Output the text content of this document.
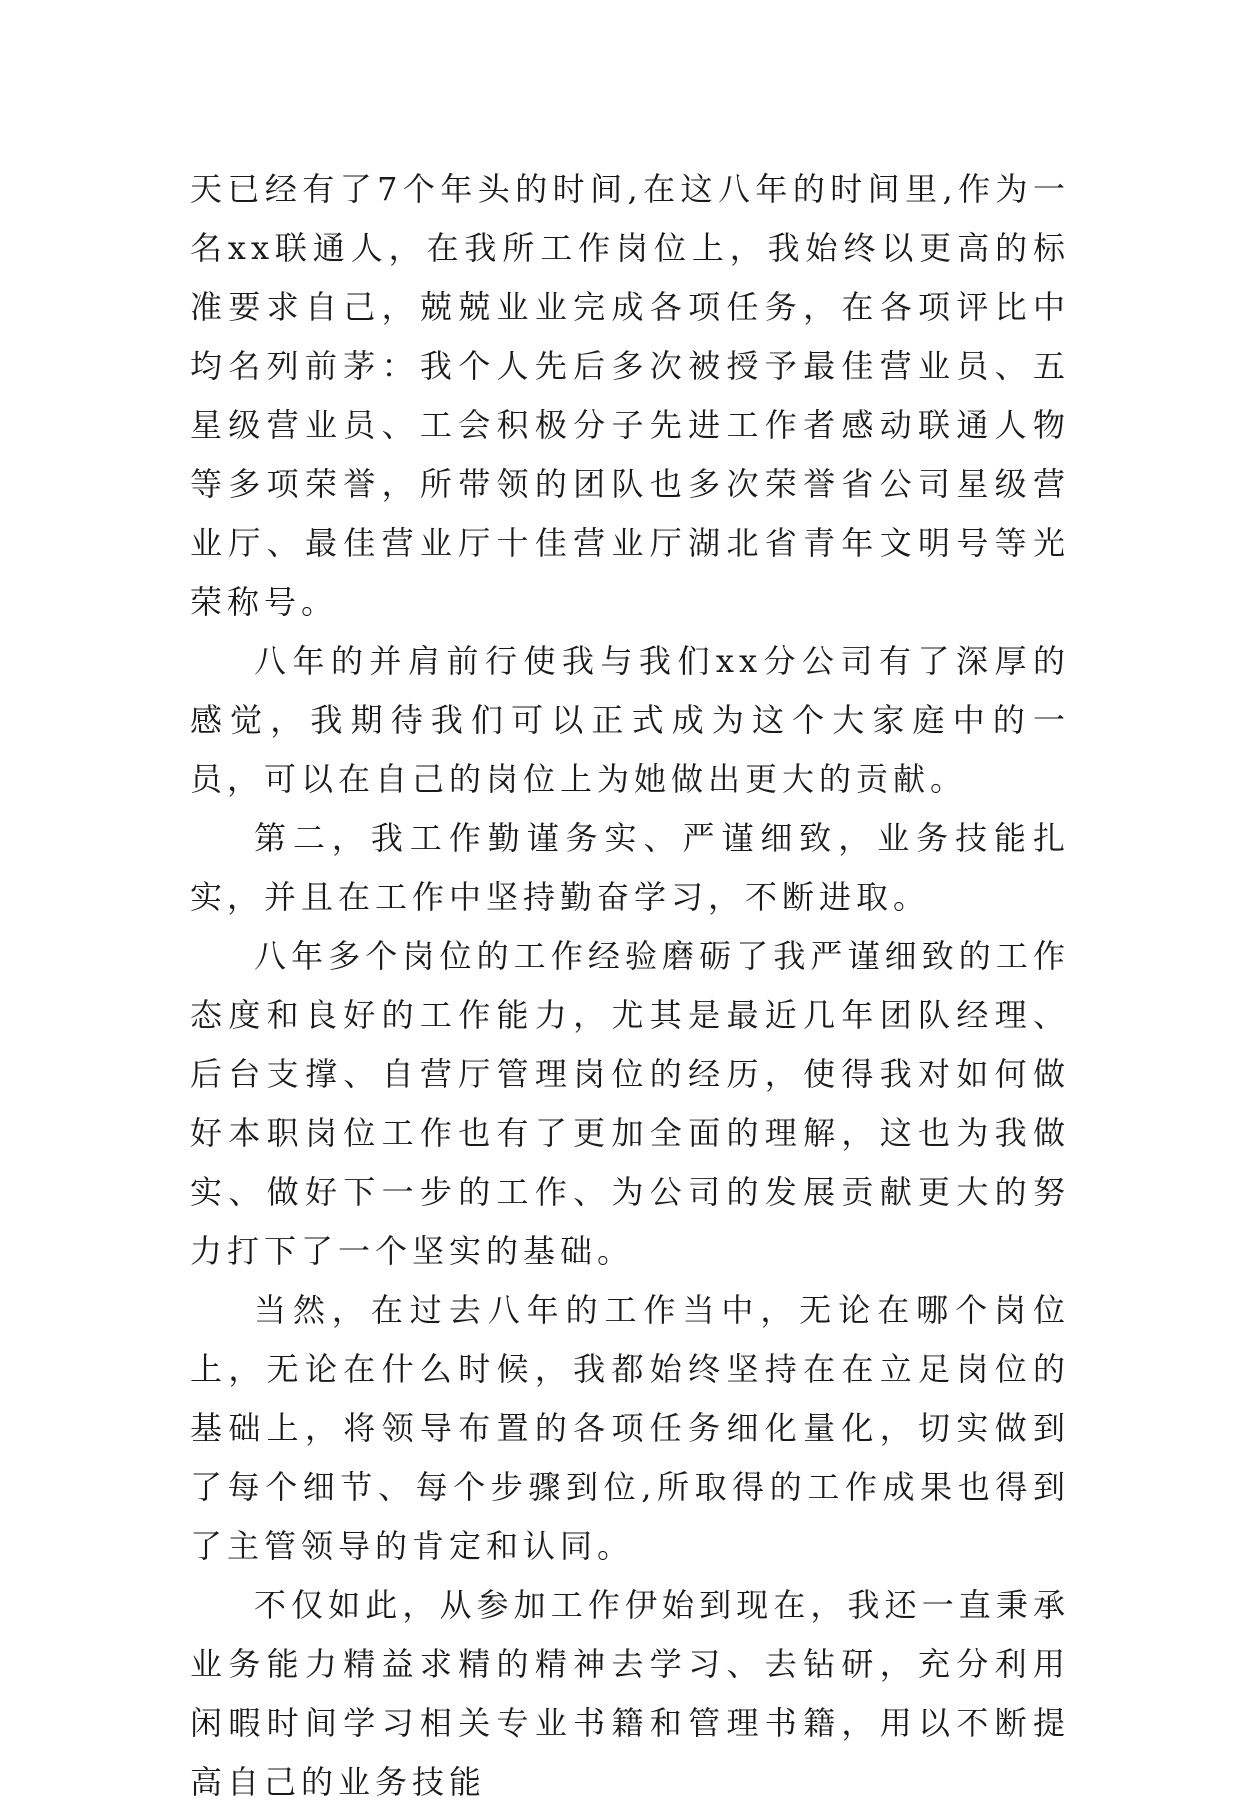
天已经有了7个年头的时间,在这八年的时间里,作为一名xx联通人，在我所工作岗位上，我始终以更高的标准要求自己，兢兢业业完成各项任务，在各项评比中均名列前茅：我个人先后多次被授予最佳营业员、五星级营业员、工会积极分子先进工作者感动联通人物等多项荣誉，所带领的团队也多次荣誉省公司星级营业厅、最佳营业厅十佳营业厅湖北省青年文明号等光荣称号。

八年的并肩前行使我与我们xx分公司有了深厚的感觉，我期待我们可以正式成为这个大家庭中的一员，可以在自己的岗位上为她做出更大的贡献。

第二，我工作勤谨务实、严谨细致，业务技能扎实，并且在工作中坚持勤奋学习，不断进取。

八年多个岗位的工作经验磨砺了我严谨细致的工作态度和良好的工作能力，尤其是最近几年团队经理、后台支撑、自营厅管理岗位的经历，使得我对如何做好本职岗位工作也有了更加全面的理解，这也为我做实、做好下一步的工作、为公司的发展贡献更大的努力打下了一个坚实的基础。

当然，在过去八年的工作当中，无论在哪个岗位上，无论在什么时候，我都始终坚持在在立足岗位的基础上，将领导布置的各项任务细化量化，切实做到了每个细节、每个步骤到位,所取得的工作成果也得到了主管领导的肯定和认同。

不仅如此，从参加工作伊始到现在，我还一直秉承业务能力精益求精的精神去学习、去钻研，充分利用闲暇时间学习相关专业书籍和管理书籍，用以不断提高自己的业务技能
